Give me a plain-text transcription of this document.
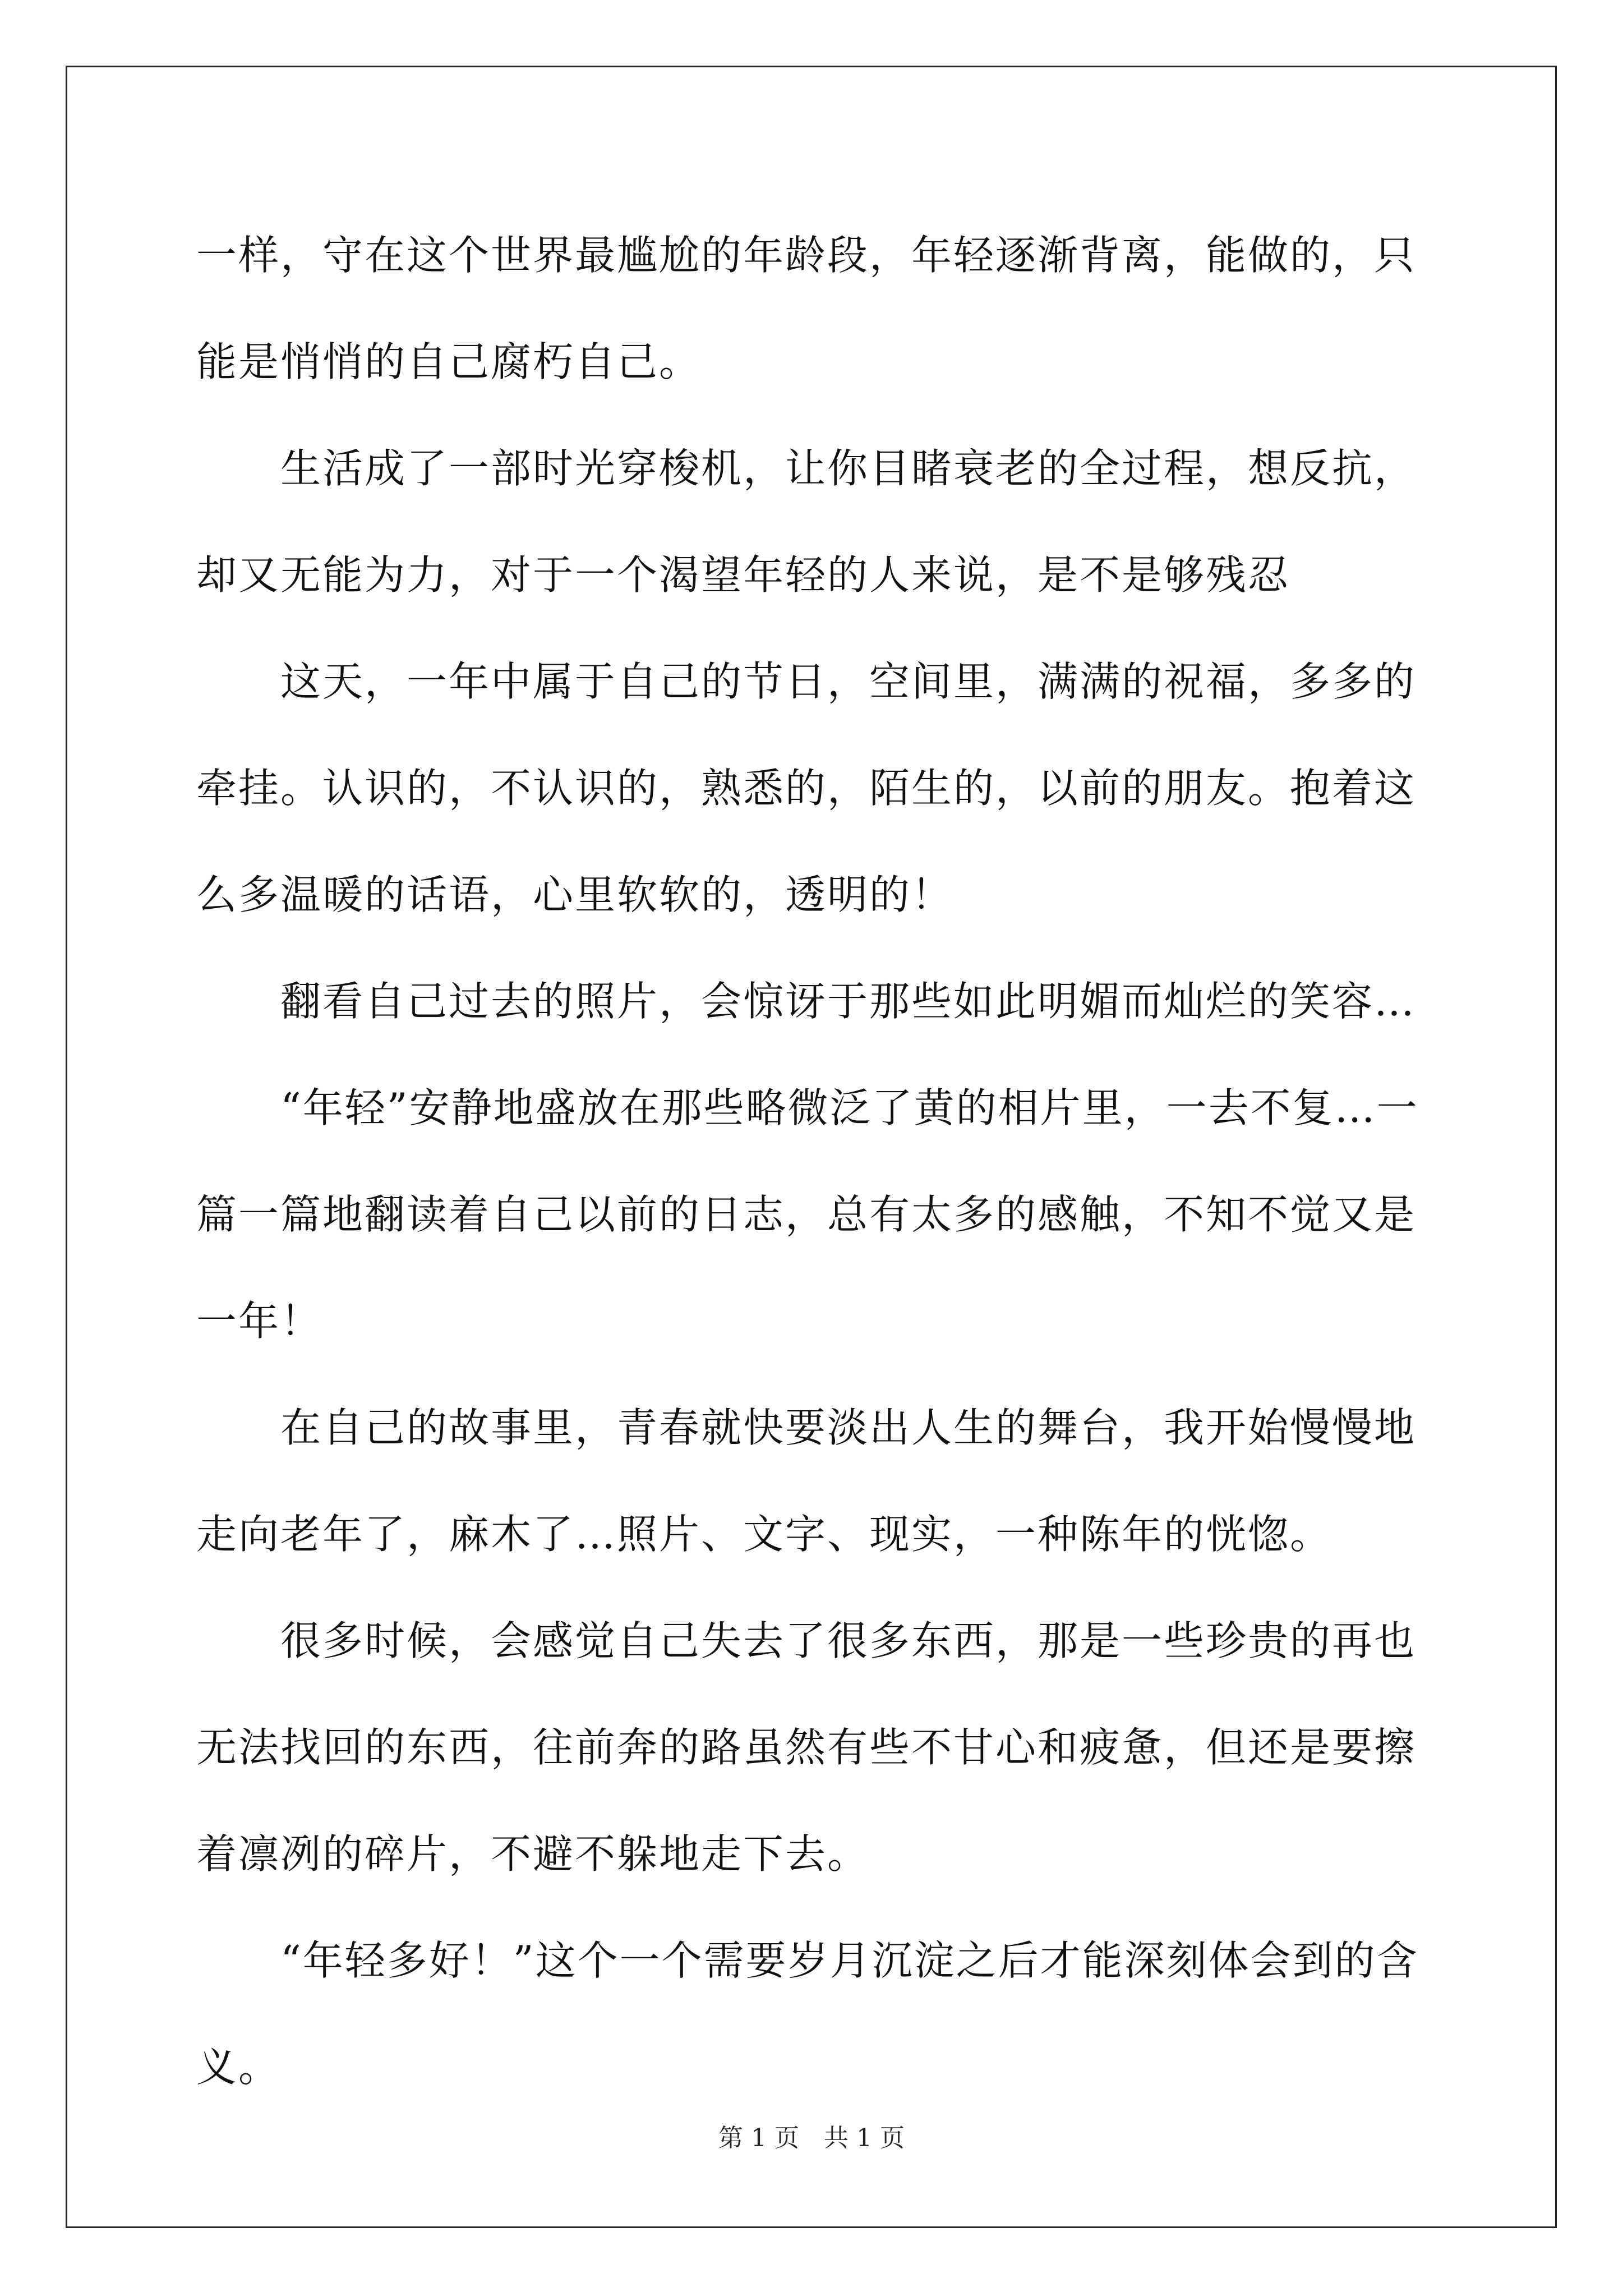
一样，守在这个世界最尴尬的年龄段，年轻逐渐背离，能做的，只能是悄悄的自己腐朽自己。

生活成了一部时光穿梭机，让你目睹衰老的全过程，想反抗，却又无能为力，对于一个渴望年轻的人来说，是不是够残忍

这天，一年中属于自己的节日，空间里，满满的祝福，多多的牵挂。认识的，不认识的，熟悉的，陌生的，以前的朋友。抱着这么多温暖的话语，心里软软的，透明的！

翻看自己过去的照片，会惊讶于那些如此明媚而灿烂的笑容…

“年轻”安静地盛放在那些略微泛了黄的相片里，一去不复…一篇一篇地翻读着自己以前的日志，总有太多的感触，不知不觉又是一年！

在自己的故事里，青春就快要淡出人生的舞台，我开始慢慢地走向老年了，麻木了…照片、文字、现实，一种陈年的恍惚。

很多时候，会感觉自己失去了很多东西，那是一些珍贵的再也无法找回的东西，往前奔的路虽然有些不甘心和疲惫，但还是要擦着凛冽的碎片，不避不躲地走下去。

“年轻多好！”这个一个需要岁月沉淀之后才能深刻体会到的含义。

第 1 页　共 1 页
